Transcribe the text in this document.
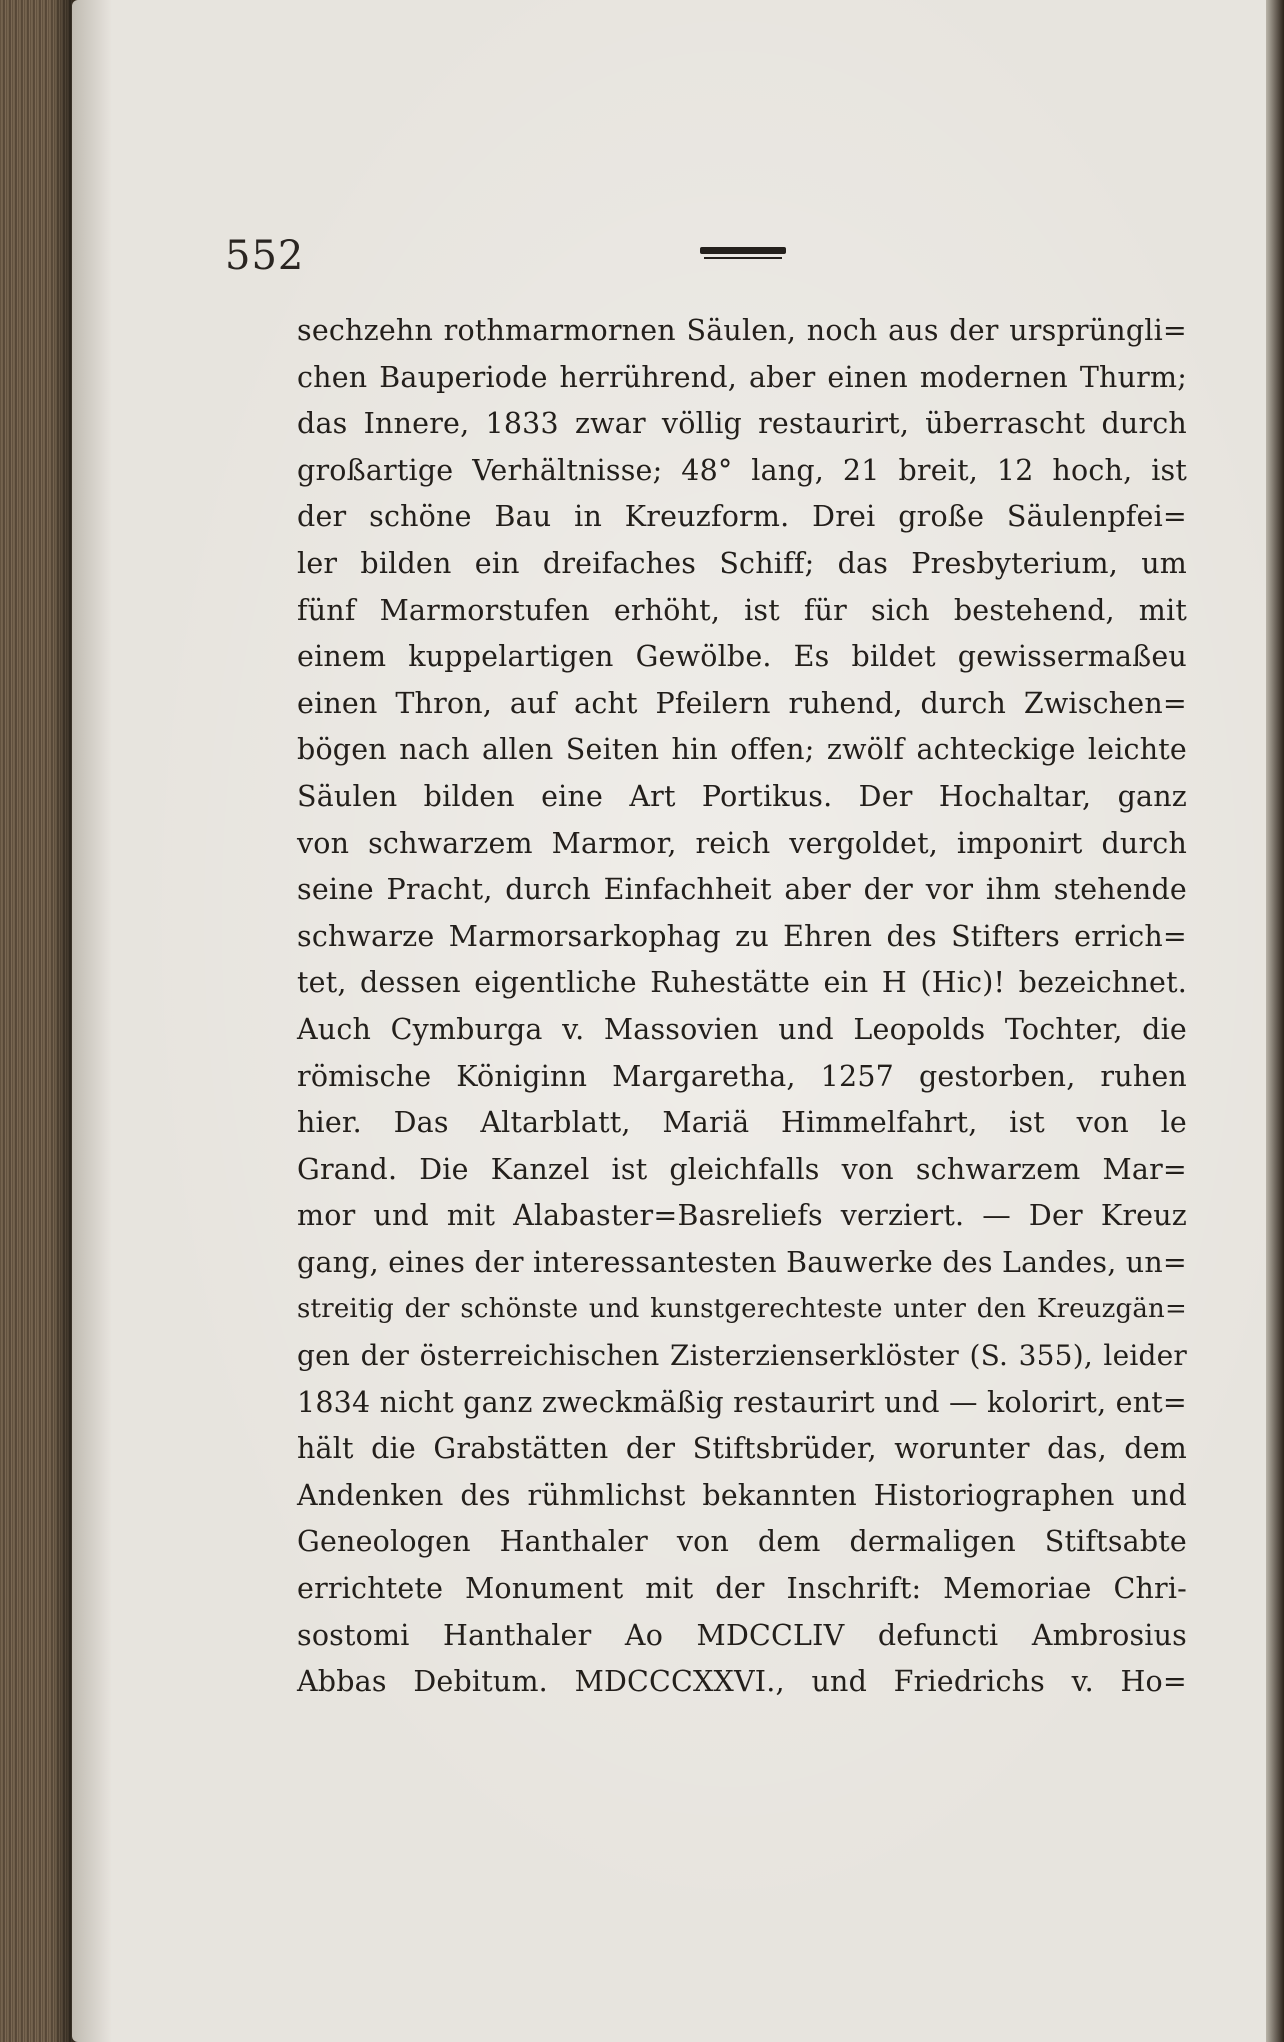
552
sechzehn rothmarmornen Säulen, noch aus der ursprüngli=
chen Bauperiode herrührend, aber einen modernen Thurm;
das Innere, 1833 zwar völlig restaurirt, überrascht durch
großartige Verhältnisse; 48° lang, 21 breit, 12 hoch, ist
der schöne Bau in Kreuzform. Drei große Säulenpfei=
ler bilden ein dreifaches Schiff; das Presbyterium, um
fünf Marmorstufen erhöht, ist für sich bestehend, mit
einem kuppelartigen Gewölbe. Es bildet gewissermaßeu
einen Thron, auf acht Pfeilern ruhend, durch Zwischen=
bögen nach allen Seiten hin offen; zwölf achteckige leichte
Säulen bilden eine Art Portikus. Der Hochaltar, ganz
von schwarzem Marmor, reich vergoldet, imponirt durch
seine Pracht, durch Einfachheit aber der vor ihm stehende
schwarze Marmorsarkophag zu Ehren des Stifters errich=
tet, dessen eigentliche Ruhestätte ein H (Hic)! bezeichnet.
Auch Cymburga v. Massovien und Leopolds Tochter, die
römische Königinn Margaretha, 1257 gestorben, ruhen
hier. Das Altarblatt, Mariä Himmelfahrt, ist von le
Grand. Die Kanzel ist gleichfalls von schwarzem Mar=
mor und mit Alabaster=Basreliefs verziert. — Der Kreuz
gang, eines der interessantesten Bauwerke des Landes, un=
streitig der schönste und kunstgerechteste unter den Kreuzgän=
gen der österreichischen Zisterzienserklöster (S. 355), leider
1834 nicht ganz zweckmäßig restaurirt und — kolorirt, ent=
hält die Grabstätten der Stiftsbrüder, worunter das, dem
Andenken des rühmlichst bekannten Historiographen und
Geneologen Hanthaler von dem dermaligen Stiftsabte
errichtete Monument mit der Inschrift: Memoriae Chri-
sostomi Hanthaler Ao MDCCLIV defuncti Ambrosius
Abbas Debitum. MDCCCXXVI., und Friedrichs v. Ho=
